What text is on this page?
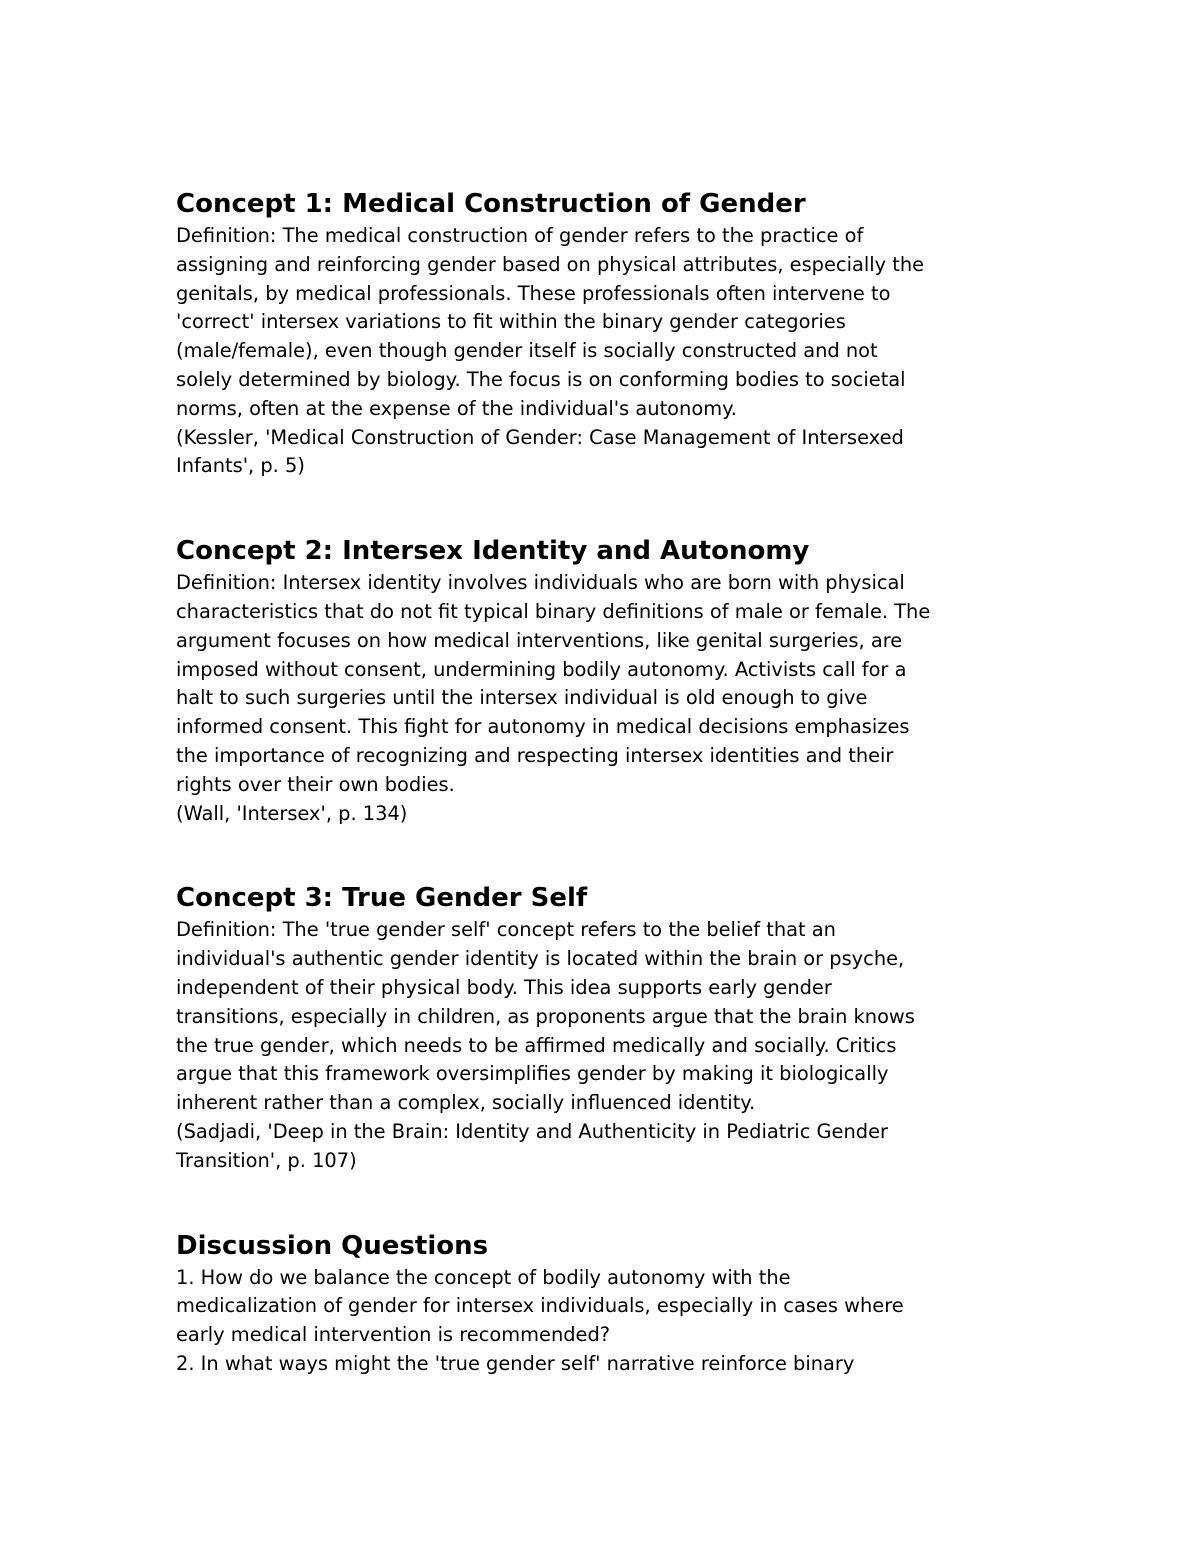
Concept 1: Medical Construction of Gender

Definition: The medical construction of gender refers to the practice of
assigning and reinforcing gender based on physical attributes, especially the
genitals, by medical professionals. These professionals often intervene to
'correct' intersex variations to fit within the binary gender categories
(male/female), even though gender itself is socially constructed and not
solely determined by biology. The focus is on conforming bodies to societal
norms, often at the expense of the individual's autonomy.
(Kessler, 'Medical Construction of Gender: Case Management of Intersexed
Infants', p. 5)

Concept 2: Intersex Identity and Autonomy

Definition: Intersex identity involves individuals who are born with physical
characteristics that do not fit typical binary definitions of male or female. The
argument focuses on how medical interventions, like genital surgeries, are
imposed without consent, undermining bodily autonomy. Activists call for a
halt to such surgeries until the intersex individual is old enough to give
informed consent. This fight for autonomy in medical decisions emphasizes
the importance of recognizing and respecting intersex identities and their
rights over their own bodies.
(Wall, 'Intersex', p. 134)

Concept 3: True Gender Self

Definition: The 'true gender self' concept refers to the belief that an
individual's authentic gender identity is located within the brain or psyche,
independent of their physical body. This idea supports early gender
transitions, especially in children, as proponents argue that the brain knows
the true gender, which needs to be affirmed medically and socially. Critics
argue that this framework oversimplifies gender by making it biologically
inherent rather than a complex, socially influenced identity.
(Sadjadi, 'Deep in the Brain: Identity and Authenticity in Pediatric Gender
Transition', p. 107)

Discussion Questions

1. How do we balance the concept of bodily autonomy with the
medicalization of gender for intersex individuals, especially in cases where
early medical intervention is recommended?
2. In what ways might the 'true gender self' narrative reinforce binary
